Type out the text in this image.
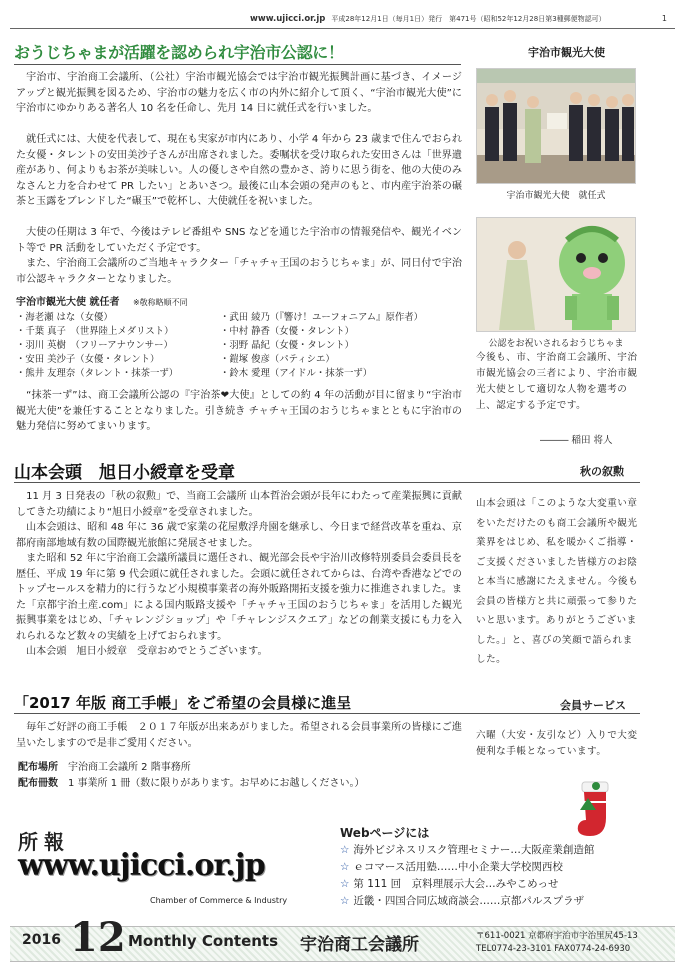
www.ujicci.or.jp 平成28年12月1日（毎月1日）発行　第471号（昭和52年12月28日第3種郵便物認可）	1
おうじちゃまが活躍を認められ宇治市公認に！	宇治市観光大使

宇治市、宇治商工会議所、（公社）宇治市観光協会では宇治市観光振興計画に基づき、イメージアップと観光振興を図るため、宇治市の魅力を広く市の内外に紹介して頂く、“宇治市観光大使”に宇治市にゆかりある著名人 10 名を任命し、先月 14 日に就任式を行いました。

就任式には、大使を代表して、現在も実家が市内にあり、小学 4 年から 23 歳まで住んでおられた女優・タレントの安田美沙子さんが出席されました。委嘱状を受け取られた安田さんは「世界遺産があり、何よりもお茶が美味しい。人の優しさや自然の豊かさ、誇りに思う街を、他の大使のみなさんと力を合わせて PR したい」とあいさつ。最後に山本会頭の発声のもと、市内産宇治茶の碾茶と玉露をブレンドした“碾玉”で乾杯し、大使就任を祝いました。

大使の任期は 3 年で、今後はテレビ番組や SNS などを通じた宇治市の情報発信や、観光イベント等で PR 活動をしていただく予定です。

また、宇治商工会議所のご当地キャラクター「チャチャ王国のおうじちゃま」が、同日付で宇治市公認キャラクターとなりました。

宇治市観光大使 就任者 ※敬称略順不同
・海老瀬 はな（女優）	・武田 綾乃（『響け！ユーフォニアム』原作者）
・千葉 真子　（世界陸上メダリスト）	・中村 静香（女優・タレント）
・羽川 英樹　（フリーアナウンサー）	・羽野 晶紀（女優・タレント）
・安田 美沙子（女優・タレント）	・鎧塚 俊彦（パティシエ）
・熊井 友理奈（タレント・抹茶一ず）	・鈴木 愛理（アイドル・抹茶一ず）

“抹茶一ず”は、商工会議所公認の『宇治茶❤大使』としての約 4 年の活動が目に留まり“宇治市観光大使”を兼任することとなりました。引き続き チャチャ王国のおうじちゃまとともに宇治市の魅力発信に努めてまいります。

宇治市観光大使　就任式
公認をお祝いされるおうじちゃま

今後も、市、宇治商工会議所、宇治市観光協会の三者により、宇治市観光大使として適切な人物を選考の上、認定する予定です。

――― 稲田 将人
山本会頭　旭日小綬章を受章	秋の叙勲

11 月 3 日発表の「秋の叙勲」で、当商工会議所 山本哲治会頭が長年にわたって産業振興に貢献してきた功績により“旭日小綬章”を受章されました。

山本会頭は、昭和 48 年に 36 歳で家業の花屋敷浮舟園を継承し、今日まで経営改革を重ね、京都府南部地域有数の国際観光旅館に発展させました。

また昭和 52 年に宇治商工会議所議員に選任され、観光部会長や宇治川改修特別委員会委員長を歴任、平成 19 年に第 9 代会頭に就任されました。会頭に就任されてからは、台湾や香港などでのトップセールスを精力的に行うなど小規模事業者の海外販路開拓支援を強力に推進されました。また「京都宇治土産.com」による国内販路支援や「チャチャ王国のおうじちゃま」を活用した観光振興事業をはじめ、「チャレンジショップ」や「チャレンジスクエア」などの創業支援にも力を入れられるなど数々の実績を上げておられます。

山本会頭　旭日小綬章　受章おめでとうございます。

山本会頭は「このような大変重い章をいただけたのも商工会議所や観光業界をはじめ、私を暖かくご指導・ご支援くださいました皆様方のお陰と本当に感謝にたえません。今後も会員の皆様方と共に頑張って参りたいと思います。ありがとうございました。」と、喜びの笑顔で語られました。

「2017 年版 商工手帳」をご希望の会員様に進呈	会員サービス

毎年ご好評の商工手帳　２０１７年版が出来あがりました。希望される会員事業所の皆様にご進呈いたしますので是非ご愛用ください。

配布場所　 宇治商工会議所 2 階事務所
配布冊数　 1 事業所 1 冊（数に限りがあります。お早めにお越しください。）

六曜（大安・友引など）入りで大変便利な手帳となっています。

所報
www.ujicci.or.jp
Chamber of Commerce & Industry
Webページには
☆ 海外ビジネスリスク管理セミナー…大阪産業創造館
☆ ｅコマース活用塾……中小企業大学校関西校
☆ 第 111 回　京料理展示大会…みやこめっせ
☆ 近畿・四国合同広域商談会……京都パルスプラザ
2016 12 Monthly Contents 宇治商工会議所	〒611-0021 京都府宇治市宇治里尻45-13
TEL0774-23-3101 FAX0774-24-6930
